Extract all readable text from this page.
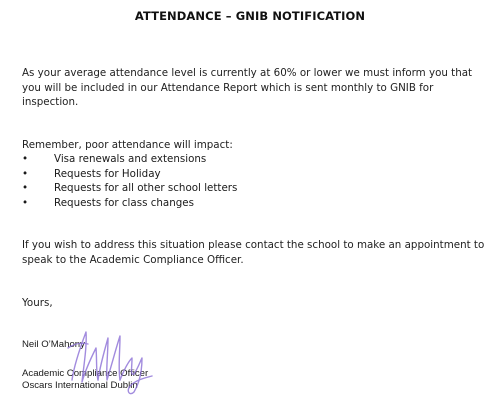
ATTENDANCE – GNIB NOTIFICATION
As your average attendance level is currently at 60% or lower we must inform you that you will be included in our Attendance Report which is sent monthly to GNIB for inspection.
Remember, poor attendance will impact:
•	Visa renewals and extensions
•	Requests for Holiday
•	Requests for all other school letters
•	Requests for class changes
If you wish to address this situation please contact the school to make an appointment to speak to the Academic Compliance Officer.
Yours,
Neil O’Mahony
Academic Compliance Officer
Oscars International Dublin
